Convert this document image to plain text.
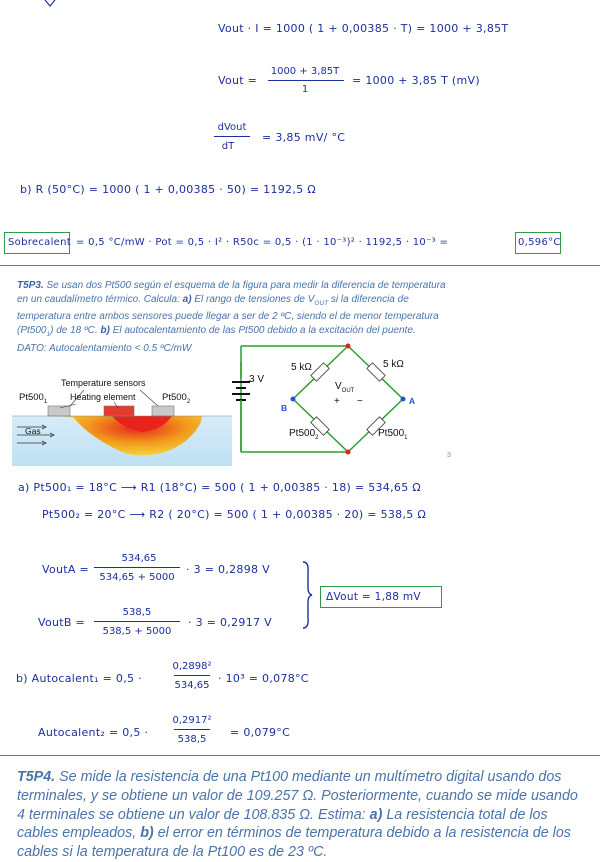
Vout · I = 1000 ( 1 + 0,00385 · T) = 1000 + 3,85T
Vout =
1000 + 3,85T
1
= 1000 + 3,85 T (mV)
dVout
dT
= 3,85 mV/ °C
b) R (50°C) = 1000 ( 1 + 0,00385 · 50) = 1192,5 Ω
Sobrecalent = 0,5 °C/mW · Pot = 0,5 · I² · R50c = 0,5 · (1 · 10⁻³)² · 1192,5 · 10⁻³ =	0,596°C
T5P3. Se usan dos Pt500 según el esquema de la figura para medir la diferencia de temperatura en un caudalímetro térmico. Calcula: a) El rango de tensiones de $V_{OUT}$ si la diferencia de temperatura entre ambos sensores puede llegar a ser de 2 ºC, siendo el de menor temperatura $(Pt500_1)$ de 18 ºC. b) El autocalentamiento de las Pt500 debido a la excitación del puente.
DATO: Autocalentamiento < 0.5 ºC/mW
Temperature sensors
$Pt500_1$	Heating element	$Pt500_2$
Gas
3 V
5 kΩ	5 kΩ
$V_{OUT}$
+ −
B
A
$Pt500_2$	$Pt500_1$
3
a) Pt500₁ = 18°C ⟶ R1 (18°C) = 500 ( 1 + 0,00385 · 18) = 534,65 Ω
Pt500₂ = 20°C ⟶ R2 ( 20°C) = 500 ( 1 + 0,00385 · 20) = 538,5 Ω
VoutA =
534,65
534,65 + 5000
· 3 = 0,2898 V
VoutB =
538,5
538,5 + 5000
· 3 = 0,2917 V
ΔVout = 1,88 mV
b) Autocalent₁ = 0,5 ·
0,2898²
534,65
· 10³ = 0,078°C
Autocalent₂ = 0,5 ·
0,2917²
538,5
= 0,079°C
T5P4. Se mide la resistencia de una Pt100 mediante un multímetro digital usando dos terminales, y se obtiene un valor de 109.257 Ω. Posteriormente, cuando se mide usando 4 terminales se obtiene un valor de 108.835 Ω. Estima: a) La resistencia total de los cables empleados, b) el error en términos de temperatura debido a la resistencia de los cables si la temperatura de la Pt100 es de 23 ºC.
